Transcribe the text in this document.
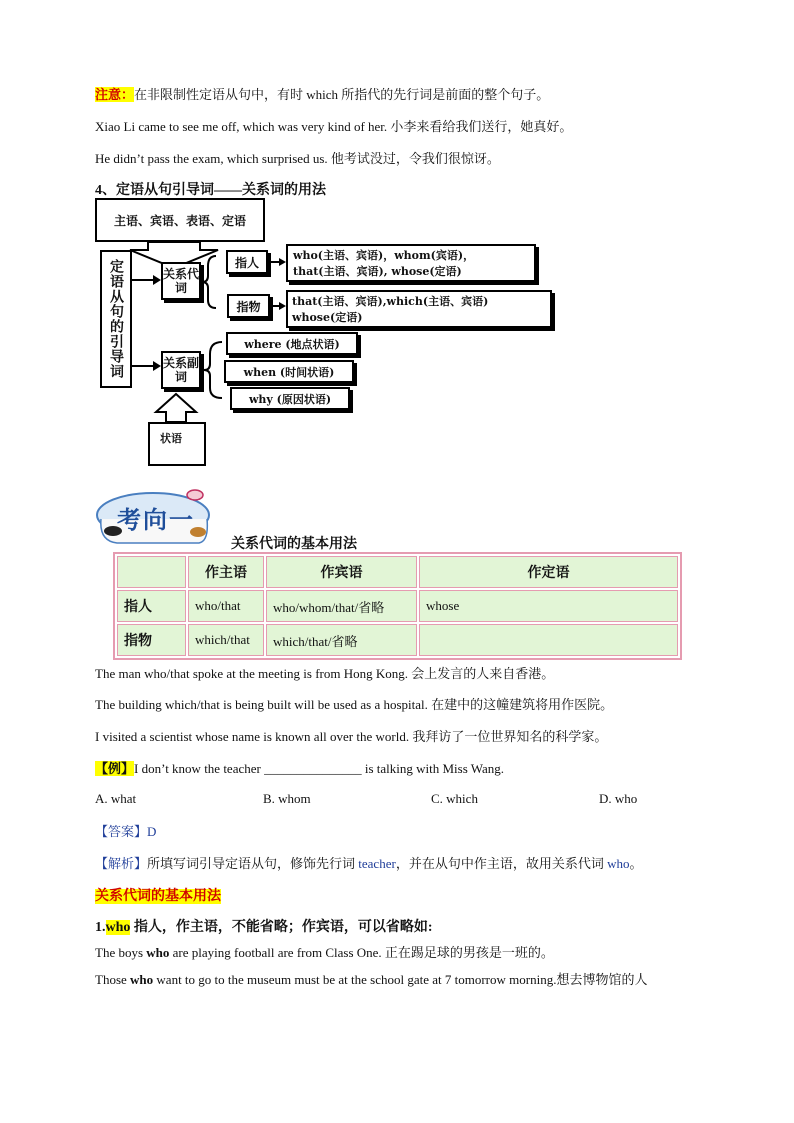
注意：在非限制性定语从句中，有时 which 所指代的先行词是前面的整个句子。
Xiao Li came to see me off, which was very kind of her. 小李来看给我们送行，她真好。
He didn’t pass the exam, which surprised us. 他考试没过，令我们很惊讶。
4、定语从句引导词——关系词的用法
主语、宾语、表语、定语
定语从句的引导词	关系代词
关系副词
指人
指物
who(主语、宾语)，whom(宾语)，
that(主语、宾语), whose(定语)
that(主语、宾语),which(主语、宾语)
whose(定语)
where (地点状语)
when (时间状语)
why (原因状语)
状语
考向一
关系代词的基本用法
	作主语	作宾语	作定语
指人	who/that	who/whom/that/省略	whose
指物	which/that	which/that/省略	
The man who/that spoke at the meeting is from Hong Kong. 会上发言的人来自香港。
The building which/that is being built will be used as a hospital. 在建中的这幢建筑将用作医院。
I visited a scientist whose name is known all over the world. 我拜访了一位世界知名的科学家。
【例】I don’t know the teacher _______________ is talking with Miss Wang.
A. what	B. whom	C. which	D. who
【答案】D
【解析】所填写词引导定语从句，修饰先行词 teacher，并在从句中作主语，故用关系代词 who。
关系代词的基本用法
1.who 指人，作主语，不能省略；作宾语，可以省略如:
The boys who are playing football are from Class One. 正在踢足球的男孩是一班的。
Those who want to go to the museum must be at the school gate at 7 tomorrow morning.想去博物馆的人
